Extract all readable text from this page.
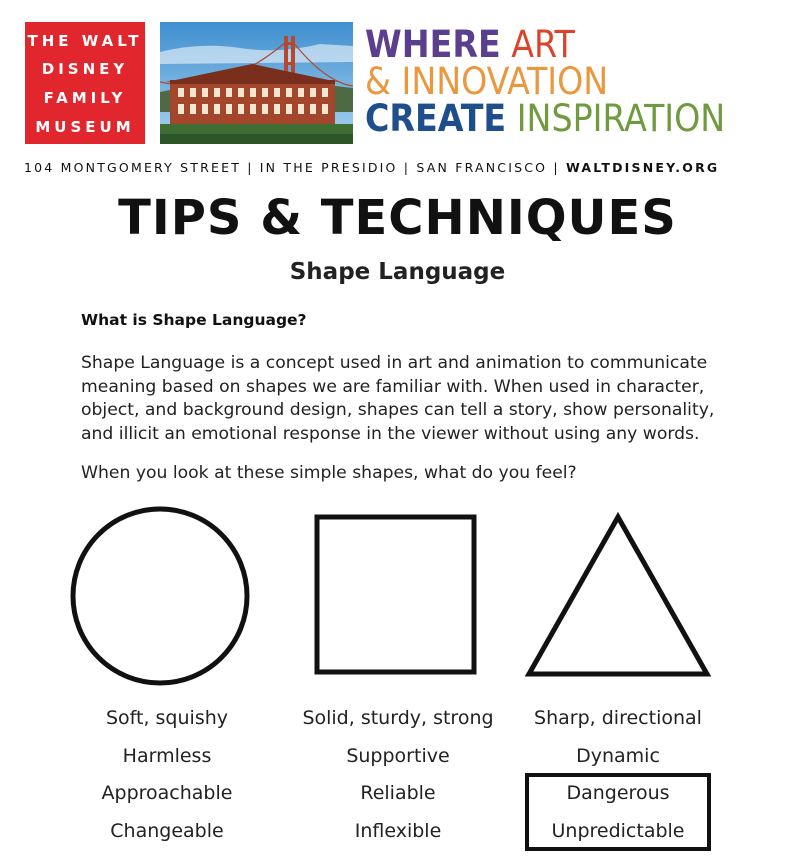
THE WALT
DISNEY
FAMILY
MUSEUM
WHERE ART
& INNOVATION
CREATE INSPIRATION
104 MONTGOMERY STREET | IN THE PRESIDIO | SAN FRANCISCO | WALTDISNEY.ORG
TIPS & TECHNIQUES
Shape Language
What is Shape Language?
Shape Language is a concept used in art and animation to communicate meaning based on shapes we are familiar with. When used in character, object, and background design, shapes can tell a story, show personality, and illicit an emotional response in the viewer without using any words.
When you look at these simple shapes, what do you feel?
Soft, squishy
Harmless
Approachable
Changeable
Solid, sturdy, strong
Supportive
Reliable
Inflexible
Sharp, directional
Dynamic
Dangerous
Unpredictable
